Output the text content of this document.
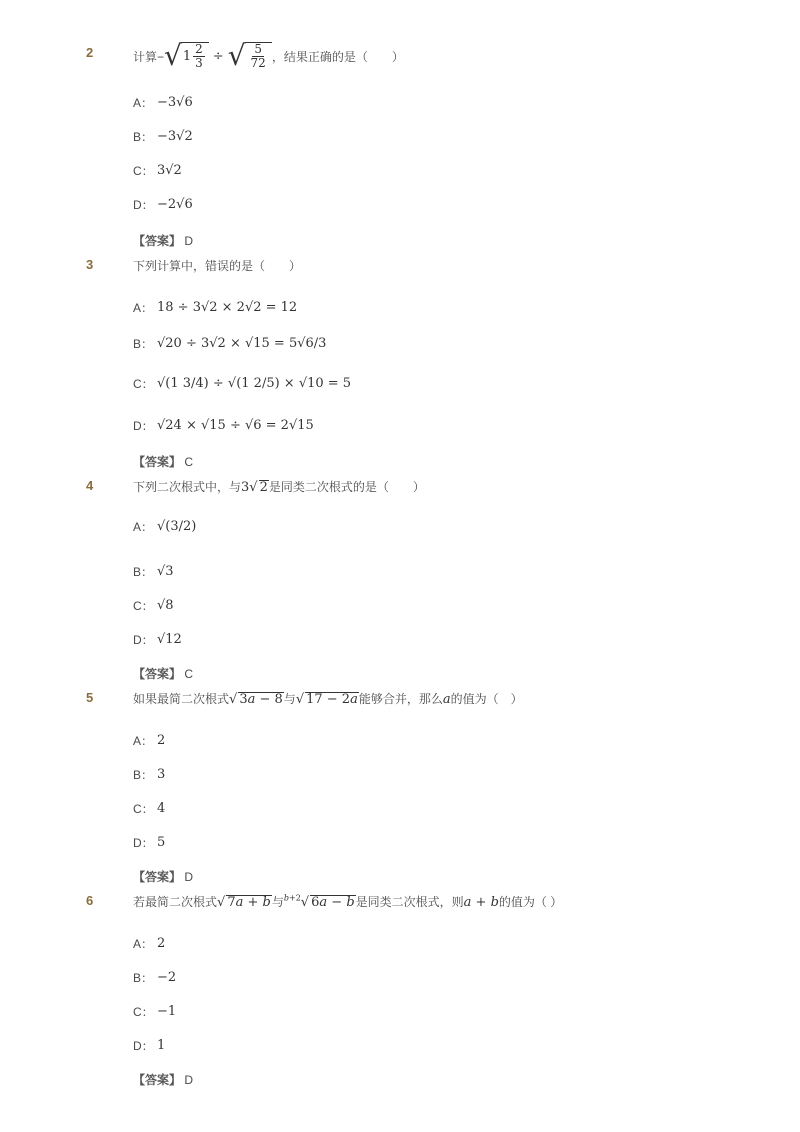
2	计算− √ $1 \frac{2}{3}$ ÷ √ $\frac{5}{72}$ ，结果正确的是（　　）
A： −3√6
B： −3√2
C： 3√2
D： −2√6
【答案】 D
3	下列计算中，错误的是（　　）
A： 18 ÷ 3√2 × 2√2 = 12
B： √20 ÷ 3√2 × √15 = 5√6/3
C： √(1 3/4) ÷ √(1 2/5) × √10 = 5
D： √24 × √15 ÷ √6 = 2√15
【答案】 C
4	下列二次根式中，与3√ 2是同类二次根式的是（　　）
A： √(3/2)
B： √3
C： √8
D： √12
【答案】 C
5	如果最简二次根式√ 3a − 8与√ 17 − 2a能够合并，那么a的值为（　）
A： 2
B： 3
C： 4
D： 5
【答案】 D
6	若最简二次根式√ 7a + b与$^{b+2}$√ 6a − b是同类二次根式，则a + b的值为（ ）
A： 2
B： −2
C： −1
D： 1
【答案】 D
